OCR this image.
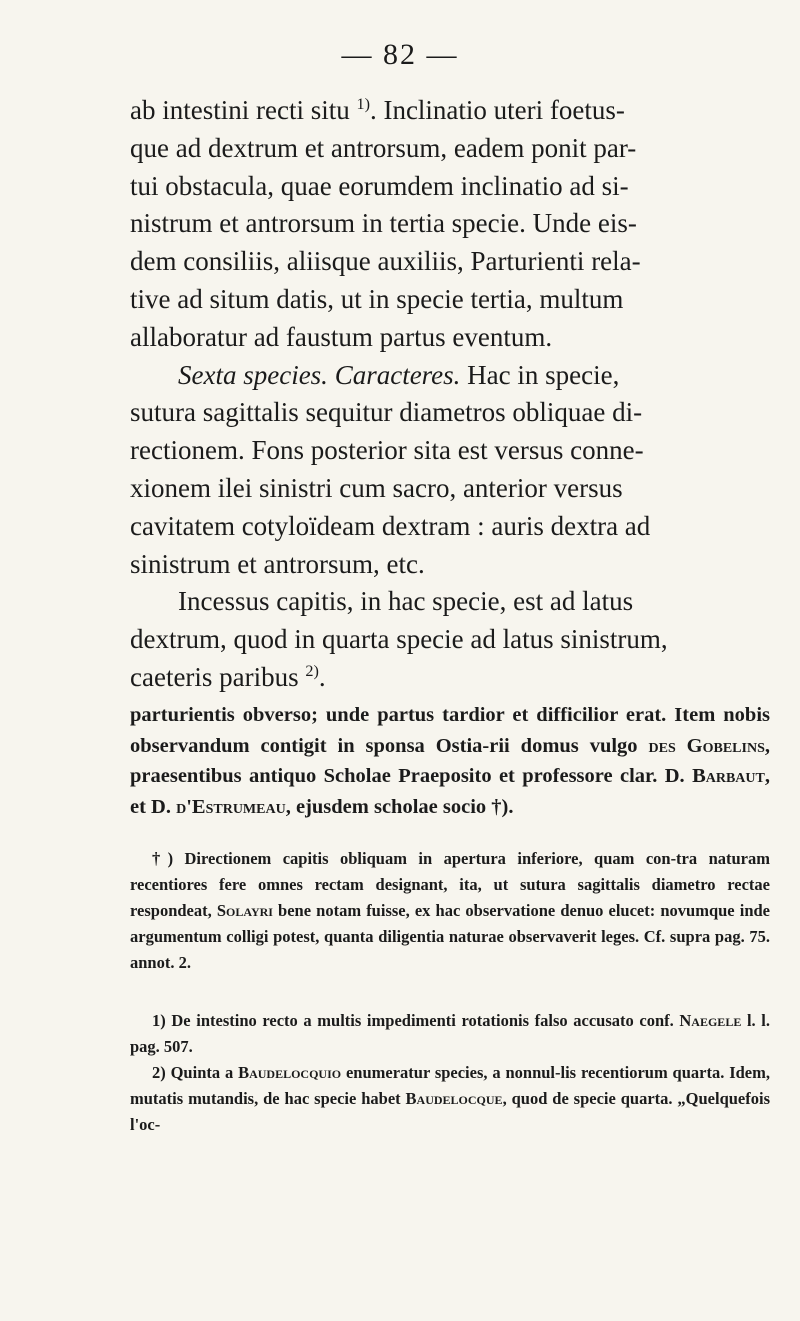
— 82 —

ab intestini recti situ $^{1)}$. Inclinatio uteri foetus-

que ad dextrum et antrorsum, eadem ponit par-

tui obstacula, quae eorumdem inclinatio ad si-

nistrum et antrorsum in tertia specie. Unde eis-

dem consiliis, aliisque auxiliis, Parturienti rela-

tive ad situm datis, ut in specie tertia, multum

allaboratur ad faustum partus eventum.

Sexta species. Caracteres. Hac in specie,

sutura sagittalis sequitur diametros obliquae di-

rectionem. Fons posterior sita est versus conne-

xionem ilei sinistri cum sacro, anterior versus

cavitatem cotyloïdeam dextram : auris dextra ad

sinistrum et antrorsum, etc.

Incessus capitis, in hac specie, est ad latus

dextrum, quod in quarta specie ad latus sinistrum,

caeteris paribus $^{2)}$.

parturientis obverso; unde partus tardior et difficilior erat. Item nobis observandum contigit in sponsa Ostia-rii domus vulgo des Gobelins, praesentibus antiquo Scholae Praeposito et professore clar. D. Barbaut, et D. d'Estrumeau, ejusdem scholae socio †).
†) Directionem capitis obliquam in apertura inferiore, quam con-tra naturam recentiores fere omnes rectam designant, ita, ut sutura sagittalis diametro rectae respondeat, Solayri bene notam fuisse, ex hac observatione denuo elucet: novumque inde argumentum colligi potest, quanta diligentia naturae observaverit leges. Cf. supra pag. 75. annot. 2.
1) De intestino recto a multis impedimenti rotationis falso accusato conf. Naegele l. l. pag. 507.
2) Quinta a Baudelocquio enumeratur species, a nonnul-lis recentiorum quarta. Idem, mutatis mutandis, de hac specie habet Baudelocque, quod de specie quarta. „Quelquefois l'oc-
